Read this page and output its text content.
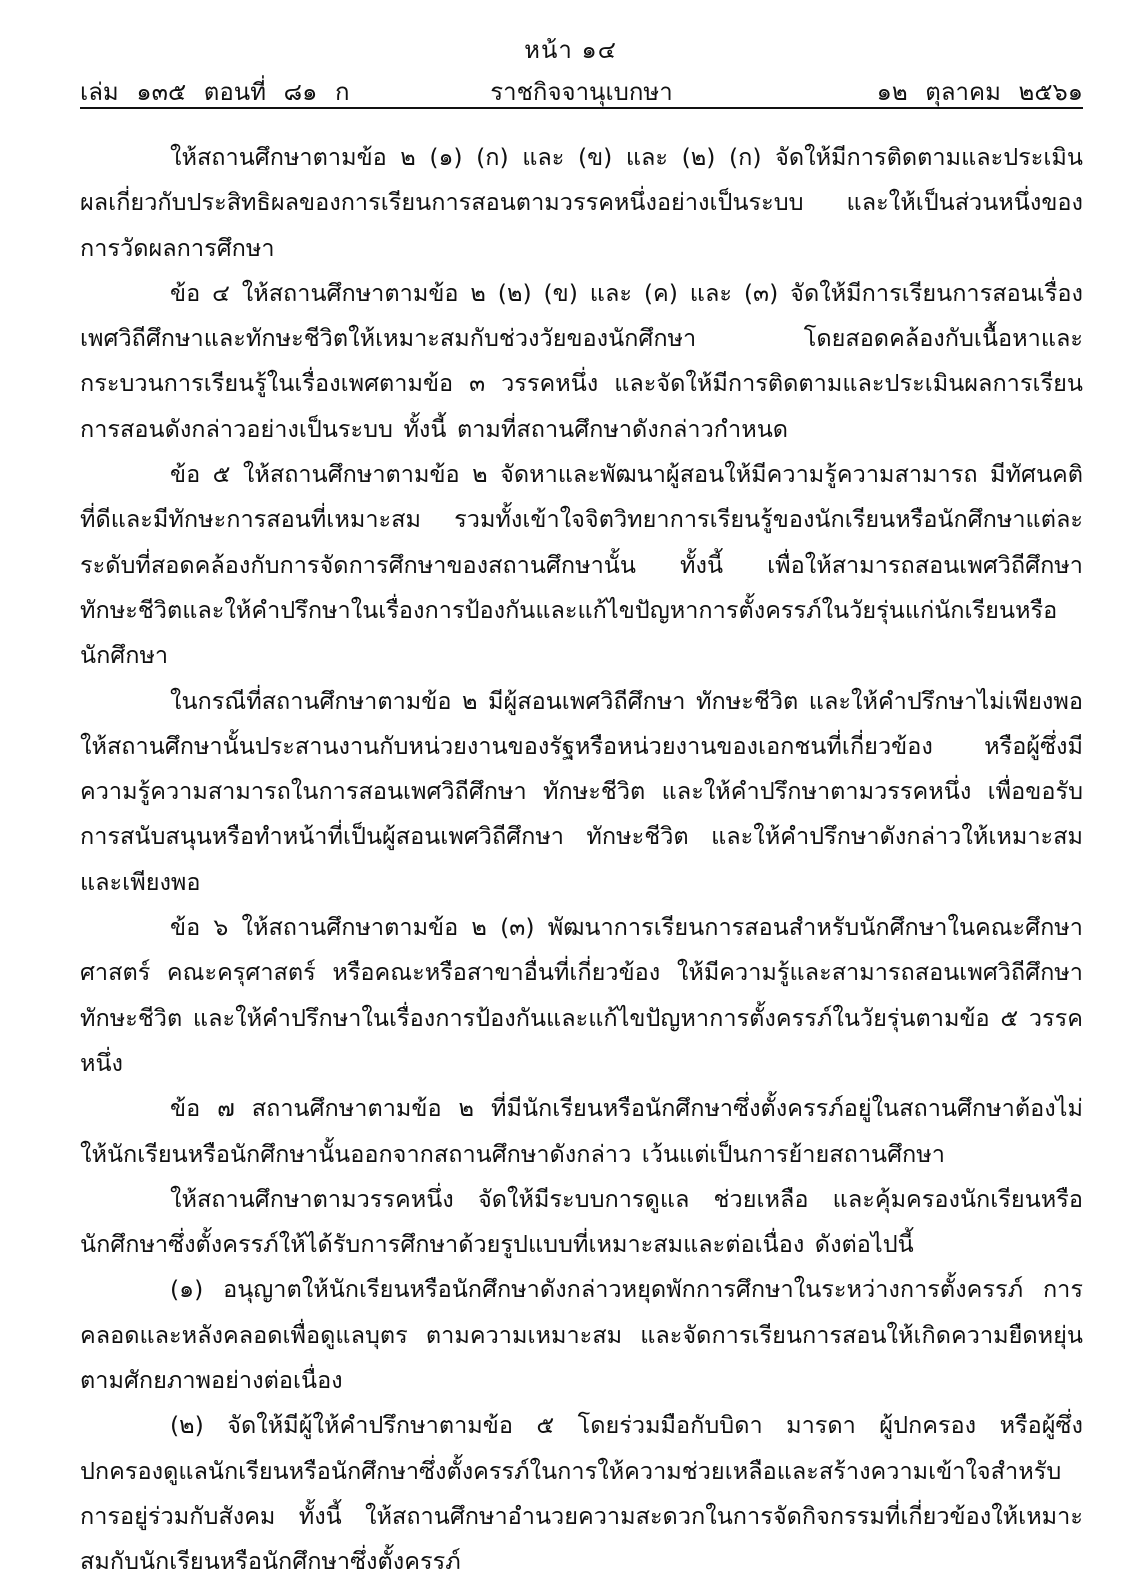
หน้า ๑๔
เล่ม ๑๓๕ ตอนที่ ๘๑ ก	ราชกิจจานุเบกษา	๑๒ ตุลาคม ๒๕๖๑

ให้สถานศึกษาตามข้อ ๒ (๑) (ก) และ (ข) และ (๒) (ก) จัดให้มีการติดตามและประเมินผลเกี่ยวกับประสิทธิผลของการเรียนการสอนตามวรรคหนึ่งอย่างเป็นระบบ และให้เป็นส่วนหนึ่งของการวัดผลการศึกษา

ข้อ ๔ ให้สถานศึกษาตามข้อ ๒ (๒) (ข) และ (ค) และ (๓) จัดให้มีการเรียนการสอนเรื่องเพศวิถีศึกษาและทักษะชีวิตให้เหมาะสมกับช่วงวัยของนักศึกษา โดยสอดคล้องกับเนื้อหาและกระบวนการเรียนรู้ในเรื่องเพศตามข้อ ๓ วรรคหนึ่ง และจัดให้มีการติดตามและประเมินผลการเรียนการสอนดังกล่าวอย่างเป็นระบบ ทั้งนี้ ตามที่สถานศึกษาดังกล่าวกำหนด

ข้อ ๕ ให้สถานศึกษาตามข้อ ๒ จัดหาและพัฒนาผู้สอนให้มีความรู้ความสามารถ มีทัศนคติที่ดีและมีทักษะการสอนที่เหมาะสม รวมทั้งเข้าใจจิตวิทยาการเรียนรู้ของนักเรียนหรือนักศึกษาแต่ละระดับที่สอดคล้องกับการจัดการศึกษาของสถานศึกษานั้น ทั้งนี้ เพื่อให้สามารถสอนเพศวิถีศึกษา ทักษะชีวิตและให้คำปรึกษาในเรื่องการป้องกันและแก้ไขปัญหาการตั้งครรภ์ในวัยรุ่นแก่นักเรียนหรือนักศึกษา

ในกรณีที่สถานศึกษาตามข้อ ๒ มีผู้สอนเพศวิถีศึกษา ทักษะชีวิต และให้คำปรึกษาไม่เพียงพอ ให้สถานศึกษานั้นประสานงานกับหน่วยงานของรัฐหรือหน่วยงานของเอกชนที่เกี่ยวข้อง หรือผู้ซึ่งมีความรู้ความสามารถในการสอนเพศวิถีศึกษา ทักษะชีวิต และให้คำปรึกษาตามวรรคหนึ่ง เพื่อขอรับการสนับสนุนหรือทำหน้าที่เป็นผู้สอนเพศวิถีศึกษา ทักษะชีวิต และให้คำปรึกษาดังกล่าวให้เหมาะสมและเพียงพอ

ข้อ ๖ ให้สถานศึกษาตามข้อ ๒ (๓) พัฒนาการเรียนการสอนสำหรับนักศึกษาในคณะศึกษาศาสตร์ คณะครุศาสตร์ หรือคณะหรือสาขาอื่นที่เกี่ยวข้อง ให้มีความรู้และสามารถสอนเพศวิถีศึกษา ทักษะชีวิต และให้คำปรึกษาในเรื่องการป้องกันและแก้ไขปัญหาการตั้งครรภ์ในวัยรุ่นตามข้อ ๕ วรรคหนึ่ง

ข้อ ๗ สถานศึกษาตามข้อ ๒ ที่มีนักเรียนหรือนักศึกษาซึ่งตั้งครรภ์อยู่ในสถานศึกษาต้องไม่ให้นักเรียนหรือนักศึกษานั้นออกจากสถานศึกษาดังกล่าว เว้นแต่เป็นการย้ายสถานศึกษา

ให้สถานศึกษาตามวรรคหนึ่ง จัดให้มีระบบการดูแล ช่วยเหลือ และคุ้มครองนักเรียนหรือนักศึกษาซึ่งตั้งครรภ์ให้ได้รับการศึกษาด้วยรูปแบบที่เหมาะสมและต่อเนื่อง ดังต่อไปนี้

(๑) อนุญาตให้นักเรียนหรือนักศึกษาดังกล่าวหยุดพักการศึกษาในระหว่างการตั้งครรภ์ การคลอดและหลังคลอดเพื่อดูแลบุตร ตามความเหมาะสม และจัดการเรียนการสอนให้เกิดความยืดหยุ่นตามศักยภาพอย่างต่อเนื่อง

(๒) จัดให้มีผู้ให้คำปรึกษาตามข้อ ๕ โดยร่วมมือกับบิดา มารดา ผู้ปกครอง หรือผู้ซึ่งปกครองดูแลนักเรียนหรือนักศึกษาซึ่งตั้งครรภ์ในการให้ความช่วยเหลือและสร้างความเข้าใจสำหรับการอยู่ร่วมกับสังคม ทั้งนี้ ให้สถานศึกษาอำนวยความสะดวกในการจัดกิจกรรมที่เกี่ยวข้องให้เหมาะสมกับนักเรียนหรือนักศึกษาซึ่งตั้งครรภ์
